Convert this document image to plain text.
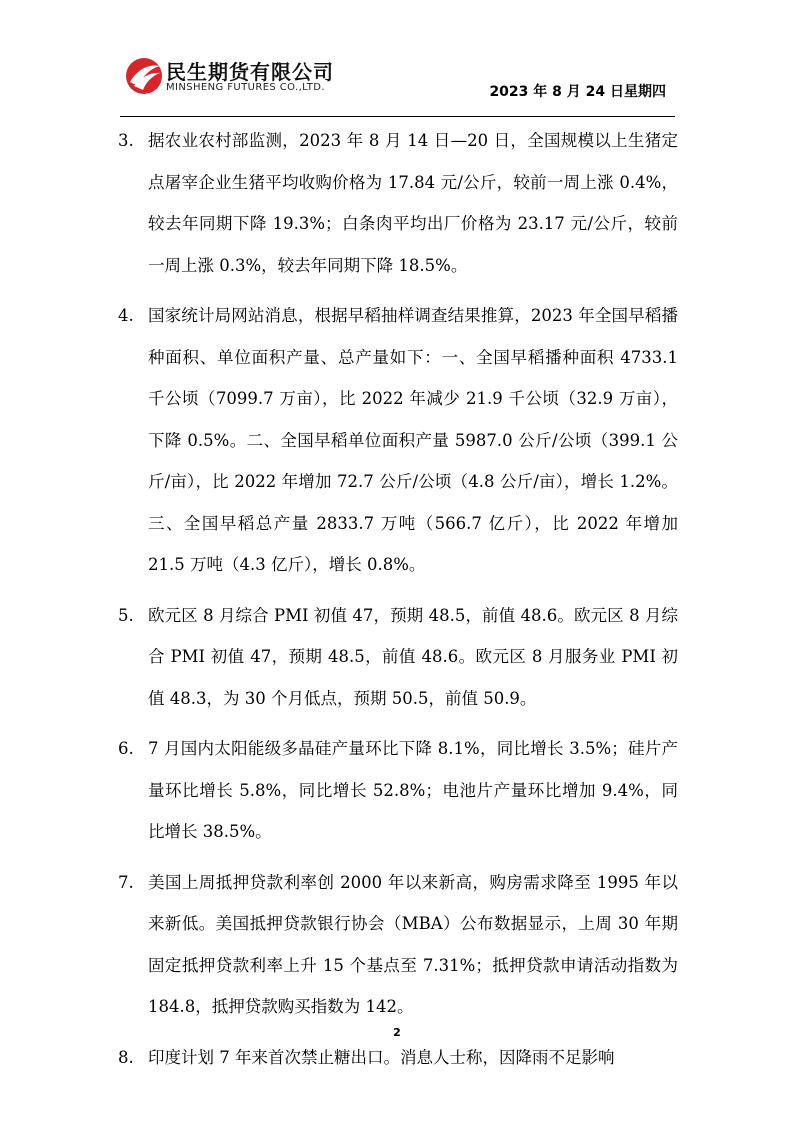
民生期货有限公司
MINSHENG FUTURES CO.,LTD.	2023 年 8 月 24 日星期四
3. 据农业农村部监测，2023 年 8 月 14 日—20 日，全国规模以上生猪定点屠宰企业生猪平均收购价格为 17.84 元/公斤，较前一周上涨 0.4%，较去年同期下降 19.3%；白条肉平均出厂价格为 23.17 元/公斤，较前一周上涨 0.3%，较去年同期下降 18.5%。
4. 国家统计局网站消息，根据早稻抽样调查结果推算，2023 年全国早稻播种面积、单位面积产量、总产量如下：一、全国早稻播种面积 4733.1 千公顷（7099.7 万亩），比 2022 年减少 21.9 千公顷（32.9 万亩），下降 0.5%。二、全国早稻单位面积产量 5987.0 公斤/公顷（399.1 公斤/亩），比 2022 年增加 72.7 公斤/公顷（4.8 公斤/亩），增长 1.2%。三、全国早稻总产量 2833.7 万吨（566.7 亿斤），比 2022 年增加 21.5 万吨（4.3 亿斤），增长 0.8%。
5. 欧元区 8 月综合 PMI 初值 47，预期 48.5，前值 48.6。欧元区 8 月综合 PMI 初值 47，预期 48.5，前值 48.6。欧元区 8 月服务业 PMI 初值 48.3，为 30 个月低点，预期 50.5，前值 50.9。
6. 7 月国内太阳能级多晶硅产量环比下降 8.1%，同比增长 3.5%；硅片产量环比增长 5.8%，同比增长 52.8%；电池片产量环比增加 9.4%，同比增长 38.5%。
7. 美国上周抵押贷款利率创 2000 年以来新高，购房需求降至 1995 年以来新低。美国抵押贷款银行协会（MBA）公布数据显示，上周 30 年期固定抵押贷款利率上升 15 个基点至 7.31%；抵押贷款申请活动指数为 184.8，抵押贷款购买指数为 142。
8. 印度计划 7 年来首次禁止糖出口。消息人士称，因降雨不足影响
2
